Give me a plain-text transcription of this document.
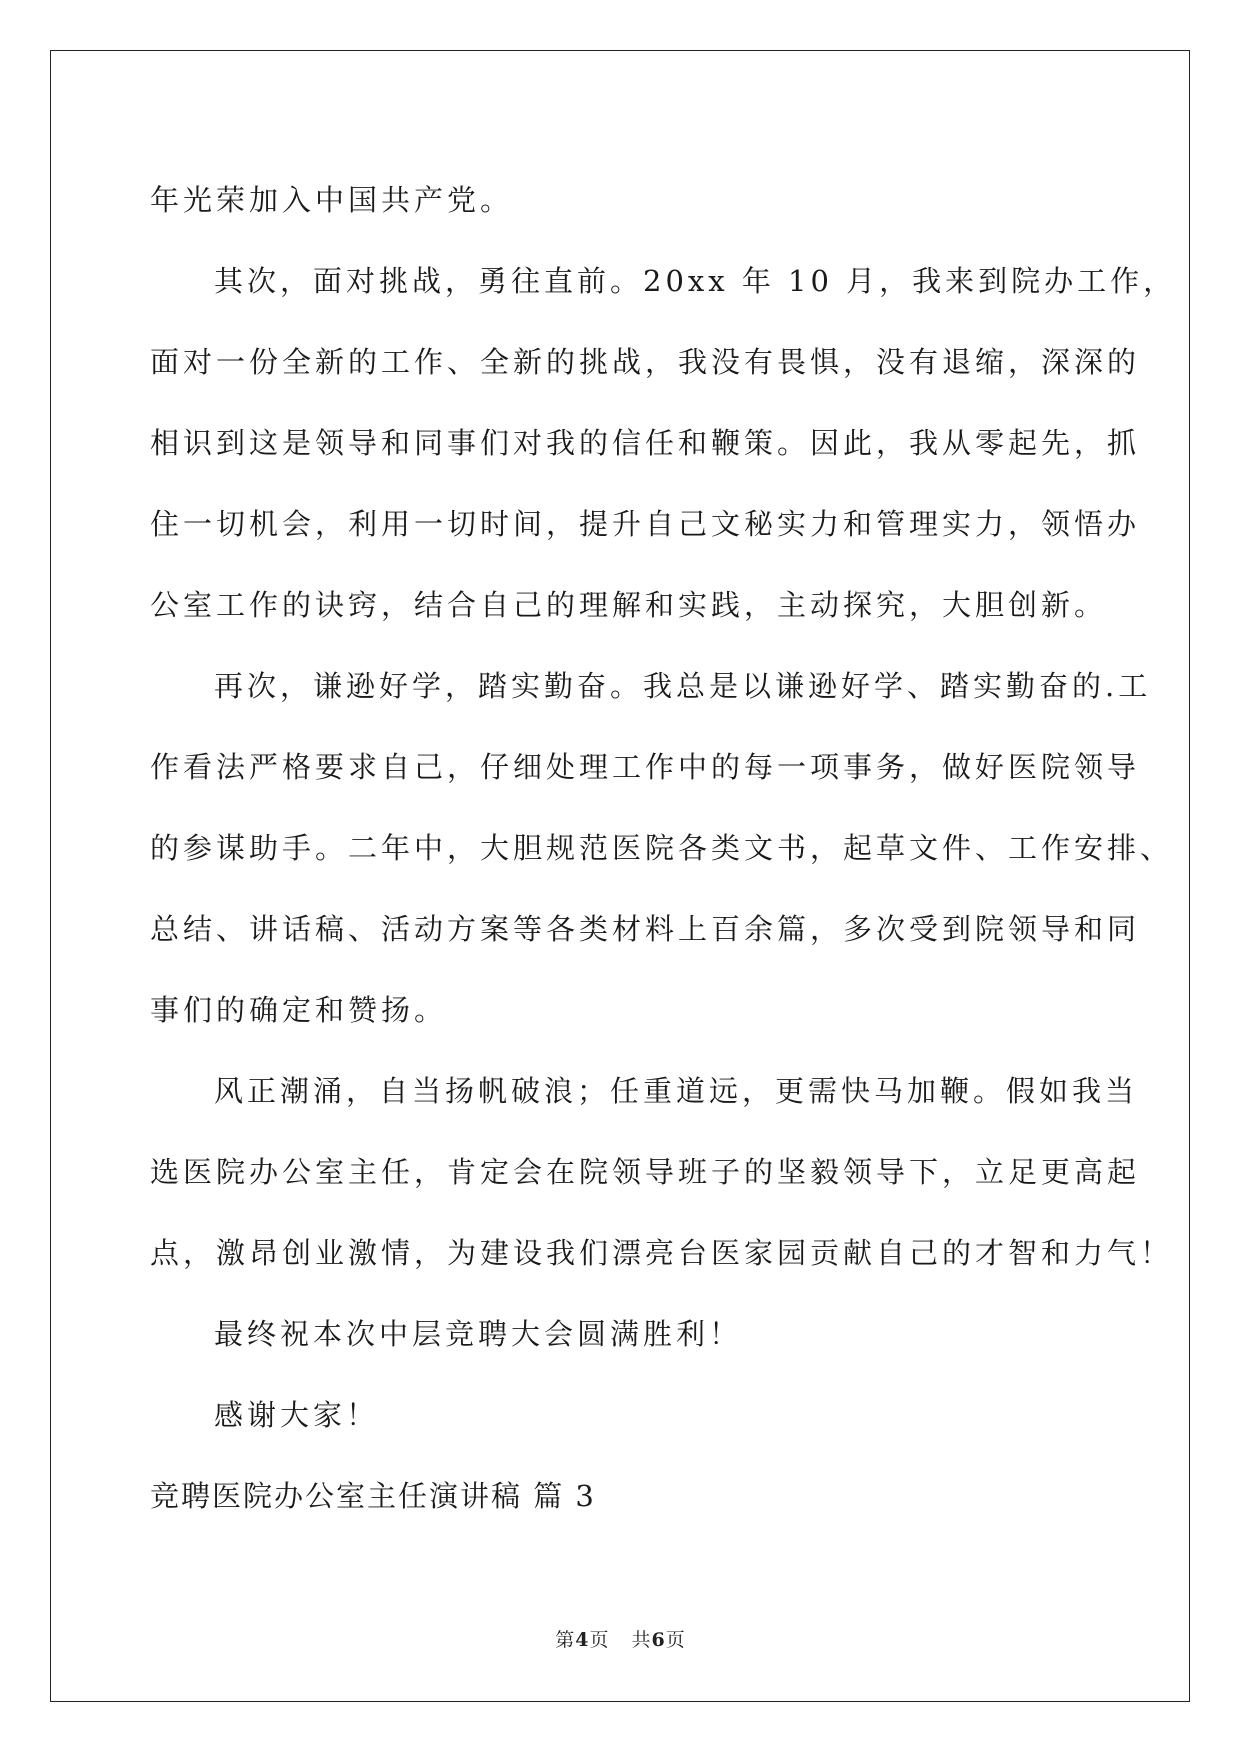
年光荣加入中国共产党。
其次，面对挑战，勇往直前。20xx 年 10 月，我来到院办工作，
面对一份全新的工作、全新的挑战，我没有畏惧，没有退缩，深深的
相识到这是领导和同事们对我的信任和鞭策。因此，我从零起先，抓
住一切机会，利用一切时间，提升自己文秘实力和管理实力，领悟办
公室工作的诀窍，结合自己的理解和实践，主动探究，大胆创新。
再次，谦逊好学，踏实勤奋。我总是以谦逊好学、踏实勤奋的.工
作看法严格要求自己，仔细处理工作中的每一项事务，做好医院领导
的参谋助手。二年中，大胆规范医院各类文书，起草文件、工作安排、
总结、讲话稿、活动方案等各类材料上百余篇，多次受到院领导和同
事们的确定和赞扬。
风正潮涌，自当扬帆破浪；任重道远，更需快马加鞭。假如我当
选医院办公室主任，肯定会在院领导班子的坚毅领导下，立足更高起
点，激昂创业激情，为建设我们漂亮台医家园贡献自己的才智和力气！
最终祝本次中层竞聘大会圆满胜利！
感谢大家！
竞聘医院办公室主任演讲稿 篇 3
第4页 共6页
